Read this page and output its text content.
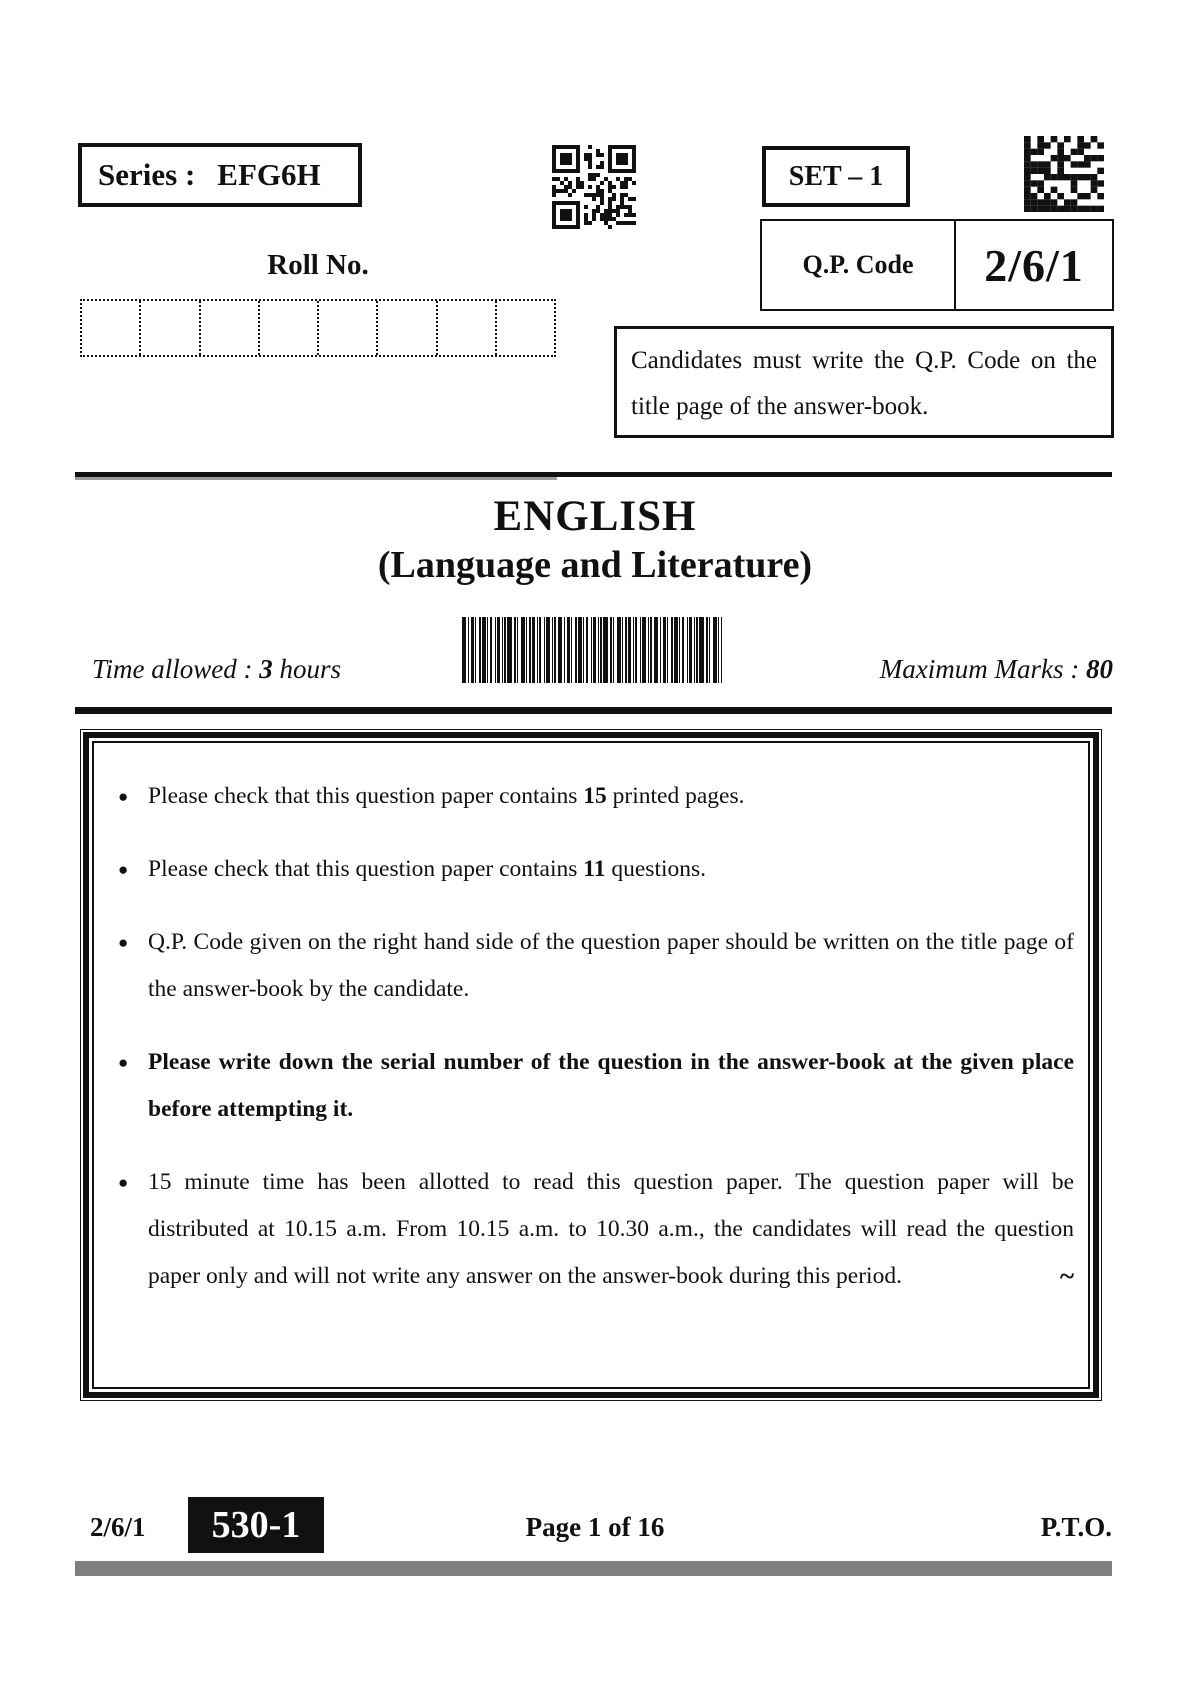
Series : EFG6H	SET – 1
Q.P. Code	2/6/1
Roll No.
Candidates must write the Q.P. Code on the title page of the answer-book.
ENGLISH
(Language and Literature)
Time allowed : 3 hours	Maximum Marks : 80
● Please check that this question paper contains 15 printed pages.
● Please check that this question paper contains 11 questions.
● Q.P. Code given on the right hand side of the question paper should be written on the title page of the answer-book by the candidate.
● Please write down the serial number of the question in the answer-book at the given place before attempting it.
● 15 minute time has been allotted to read this question paper. The question paper will be distributed at 10.15 a.m. From 10.15 a.m. to 10.30 a.m., the candidates will read the question paper only and will not write any answer on the answer-book during this period.	~
2/6/1	530-1	Page 1 of 16	P.T.O.
